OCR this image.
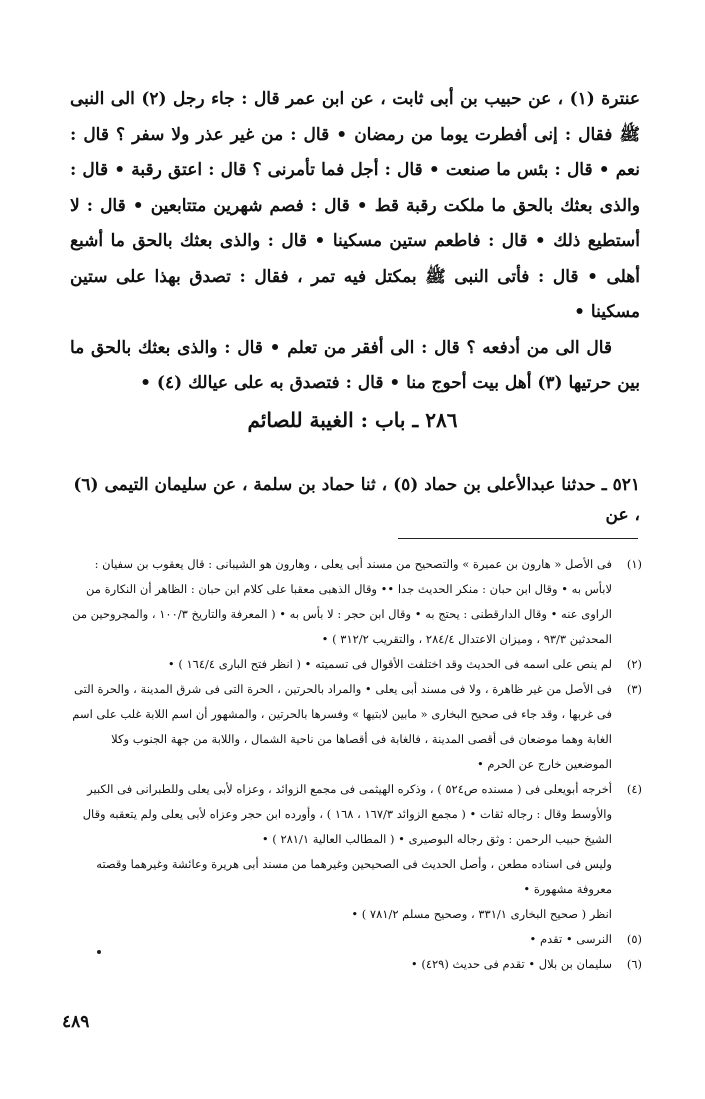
عنترة (١) ، عن حبيب بن أبى ثابت ، عن ابن عمر قال : جاء رجل (٢) الى النبى ﷺ فقال : إنى أفطرت يوما من رمضان • قال : من غير عذر ولا سفر ؟ قال : نعم • قال : بئس ما صنعت • قال : أجل فما تأمرنى ؟ قال : اعتق رقبة • قال : والذى بعثك بالحق ما ملكت رقبة قط • قال : فصم شهرين متتابعين • قال : لا أستطيع ذلك • قال : فاطعم ستين مسكينا • قال : والذى بعثك بالحق ما أشبع أهلى • قال : فأتى النبى ﷺ بمكتل فيه تمر ، فقال : تصدق بهذا على ستين مسكينا •

قال الى من أدفعه ؟ قال : الى أفقر من تعلم • قال : والذى بعثك بالحق ما بين حرتيها (٣) أهل بيت أحوج منا • قال : فتصدق به على عيالك (٤) •

٢٨٦ ـ باب : الغيبة للصائم
٥٢١ ـ حدثنا عبدالأعلى بن حماد (٥) ، ثنا حماد بن سلمة ، عن سليمان التيمى (٦) ، عن
(١)
فى الأصل « هارون بن عميرة » والتصحيح من مسند أبى يعلى ، وهارون هو الشيبانى : قال يعقوب بن سفيان : لابأس به • وقال ابن حبان : منكر الحديث جدا •• وقال الذهبى معقبا على كلام ابن حبان : الظاهر أن النكارة من الراوى عنه • وقال الدارقطنى : يحتج به • وقال ابن حجر : لا بأس به • ( المعرفة والتاريخ ١٠٠/٣ ، والمجروحين من المحدثين ٩٣/٣ ، وميزان الاعتدال ٢٨٤/٤ ، والتقريب ٣١٢/٢ ) •
(٢)
لم ينص على اسمه فى الحديث وقد اختلفت الأقوال فى تسميته • ( انظر فتح البارى ١٦٤/٤ ) •
(٣)
فى الأصل من غير ظاهرة ، ولا فى مسند أبى يعلى • والمراد بالحرتين ، الحرة التى فى شرق المدينة ، والحرة التى فى غربها ، وقد جاء فى صحيح البخارى « مابين لابتيها » وفسرها بالحرتين ، والمشهور أن اسم اللابة غلب على اسم الغابة وهما موضعان فى أقصى المدينة ، فالغابة فى أقصاها من ناحية الشمال ، واللابة من جهة الجنوب وكلا الموضعين خارج عن الحرم •
(٤)
أخرجه أبويعلى فى ( مسنده ص٥٢٤ ) ، وذكره الهيثمى فى مجمع الزوائد ، وعزاه لأبى يعلى وللطبرانى فى الكبير والأوسط وقال : رجاله ثقات • ( مجمع الزوائد ١٦٧/٣ ، ١٦٨ ) ، وأورده ابن حجر وعزاه لأبى يعلى ولم يتعقبه وقال الشيخ حبيب الرحمن : وثق رجاله البوصيرى • ( المطالب العالية ٢٨١/١ ) •
وليس فى اسناده مطعن ، وأصل الحديث فى الصحيحين وغيرهما من مسند أبى هريرة وعائشة وغيرهما وقصته معروفة مشهورة •
انظر ( صحيح البخارى ٣٣١/١ ، وصحيح مسلم ٧٨١/٢ ) •
(٥)
النرسى • تقدم •
(٦)
سليمان بن بلال • تقدم فى حديث (٤٢٩) •
٤٨٩
